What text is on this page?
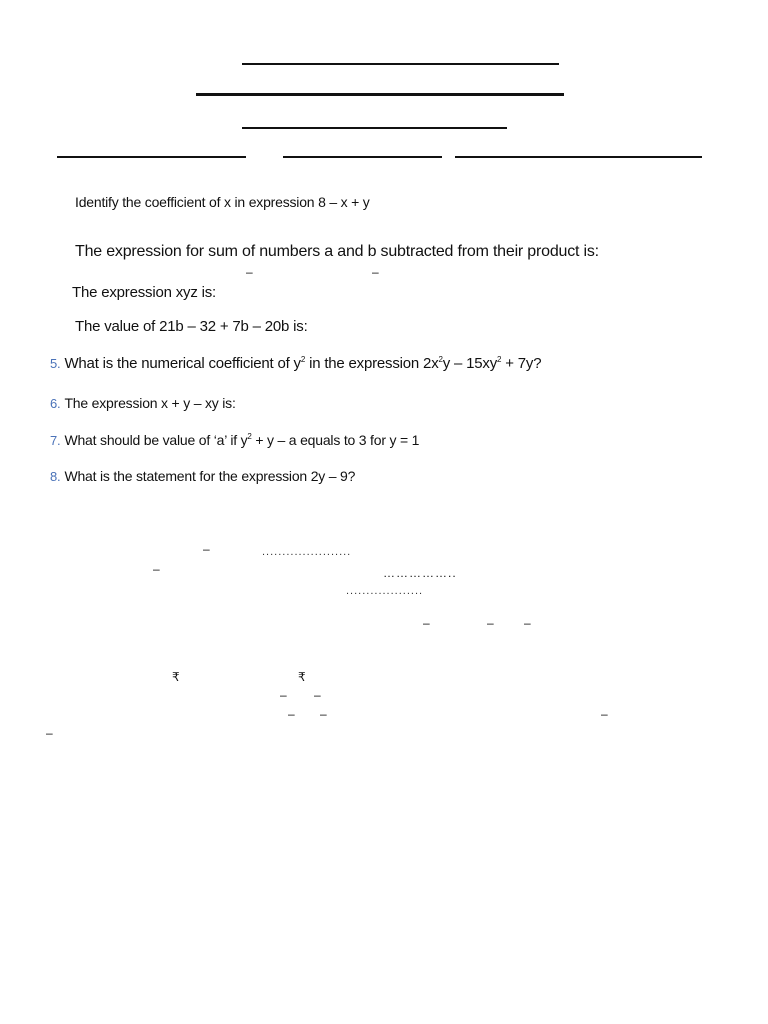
Identify the coefficient of x in expression 8 – x + y
The expression for sum of numbers a and b subtracted from their product is:
–	–
The expression xyz is:
The value of 21b – 32 + 7b – 20b is:
5. What is the numerical coefficient of $y^2$ in the expression $2x^2y - 15xy^2 + 7y$?
6. The expression x + y – xy is:
7. What should be value of ‘a’ if $y^2 + y - a$ equals to 3 for y = 1
8. What is the statement for the expression 2y – 9?
–	......................
–	……………..
...................
–	–	–
₹	₹
– –
– –	–
–
